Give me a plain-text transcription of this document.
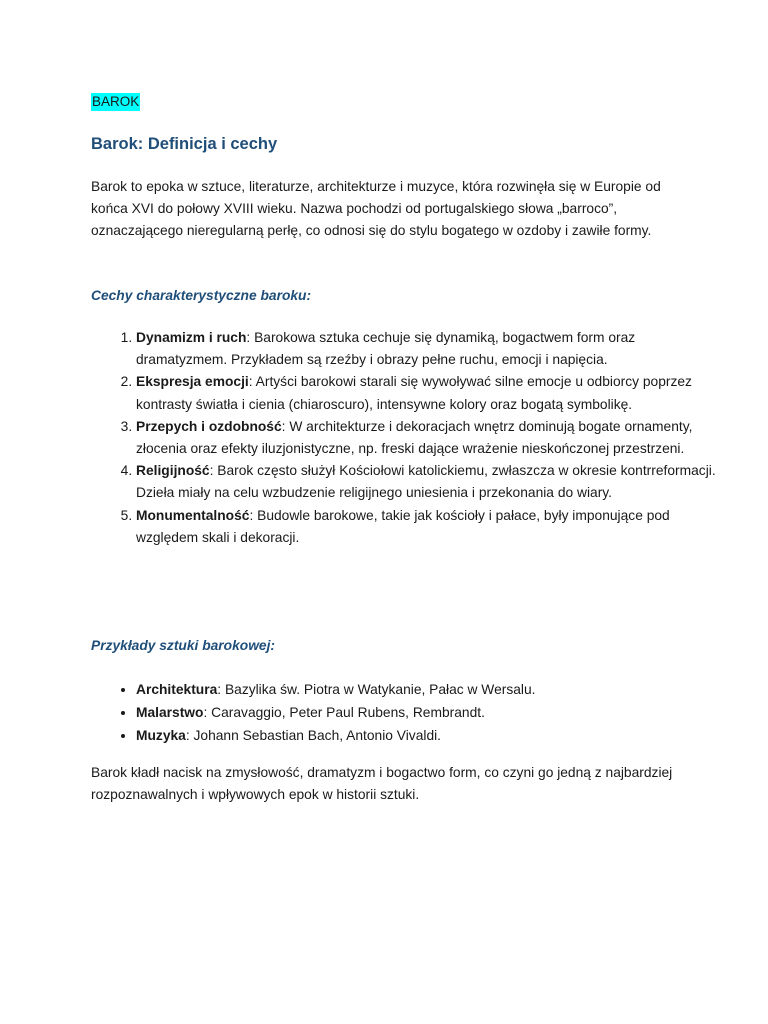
BAROK
Barok: Definicja i cechy

Barok to epoka w sztuce, literaturze, architekturze i muzyce, która rozwinęła się w Europie od końca XVI do połowy XVIII wieku. Nazwa pochodzi od portugalskiego słowa „barroco”, oznaczającego nieregularną perłę, co odnosi się do stylu bogatego w ozdoby i zawiłe formy.

Cechy charakterystyczne baroku:
1. Dynamizm i ruch: Barokowa sztuka cechuje się dynamiką, bogactwem form oraz dramatyzmem. Przykładem są rzeźby i obrazy pełne ruchu, emocji i napięcia.
2. Ekspresja emocji: Artyści barokowi starali się wywoływać silne emocje u odbiorcy poprzez kontrasty światła i cienia (chiaroscuro), intensywne kolory oraz bogatą symbolikę.
3. Przepych i ozdobność: W architekturze i dekoracjach wnętrz dominują bogate ornamenty, złocenia oraz efekty iluzjonistyczne, np. freski dające wrażenie nieskończonej przestrzeni.
4. Religijność: Barok często służył Kościołowi katolickiemu, zwłaszcza w okresie kontrreformacji. Dzieła miały na celu wzbudzenie religijnego uniesienia i przekonania do wiary.
5. Monumentalność: Budowle barokowe, takie jak kościoły i pałace, były imponujące pod względem skali i dekoracji.
Przykłady sztuki barokowej:
• Architektura: Bazylika św. Piotra w Watykanie, Pałac w Wersalu.
• Malarstwo: Caravaggio, Peter Paul Rubens, Rembrandt.
• Muzyka: Johann Sebastian Bach, Antonio Vivaldi.

Barok kładł nacisk na zmysłowość, dramatyzm i bogactwo form, co czyni go jedną z najbardziej rozpoznawalnych i wpływowych epok w historii sztuki.
